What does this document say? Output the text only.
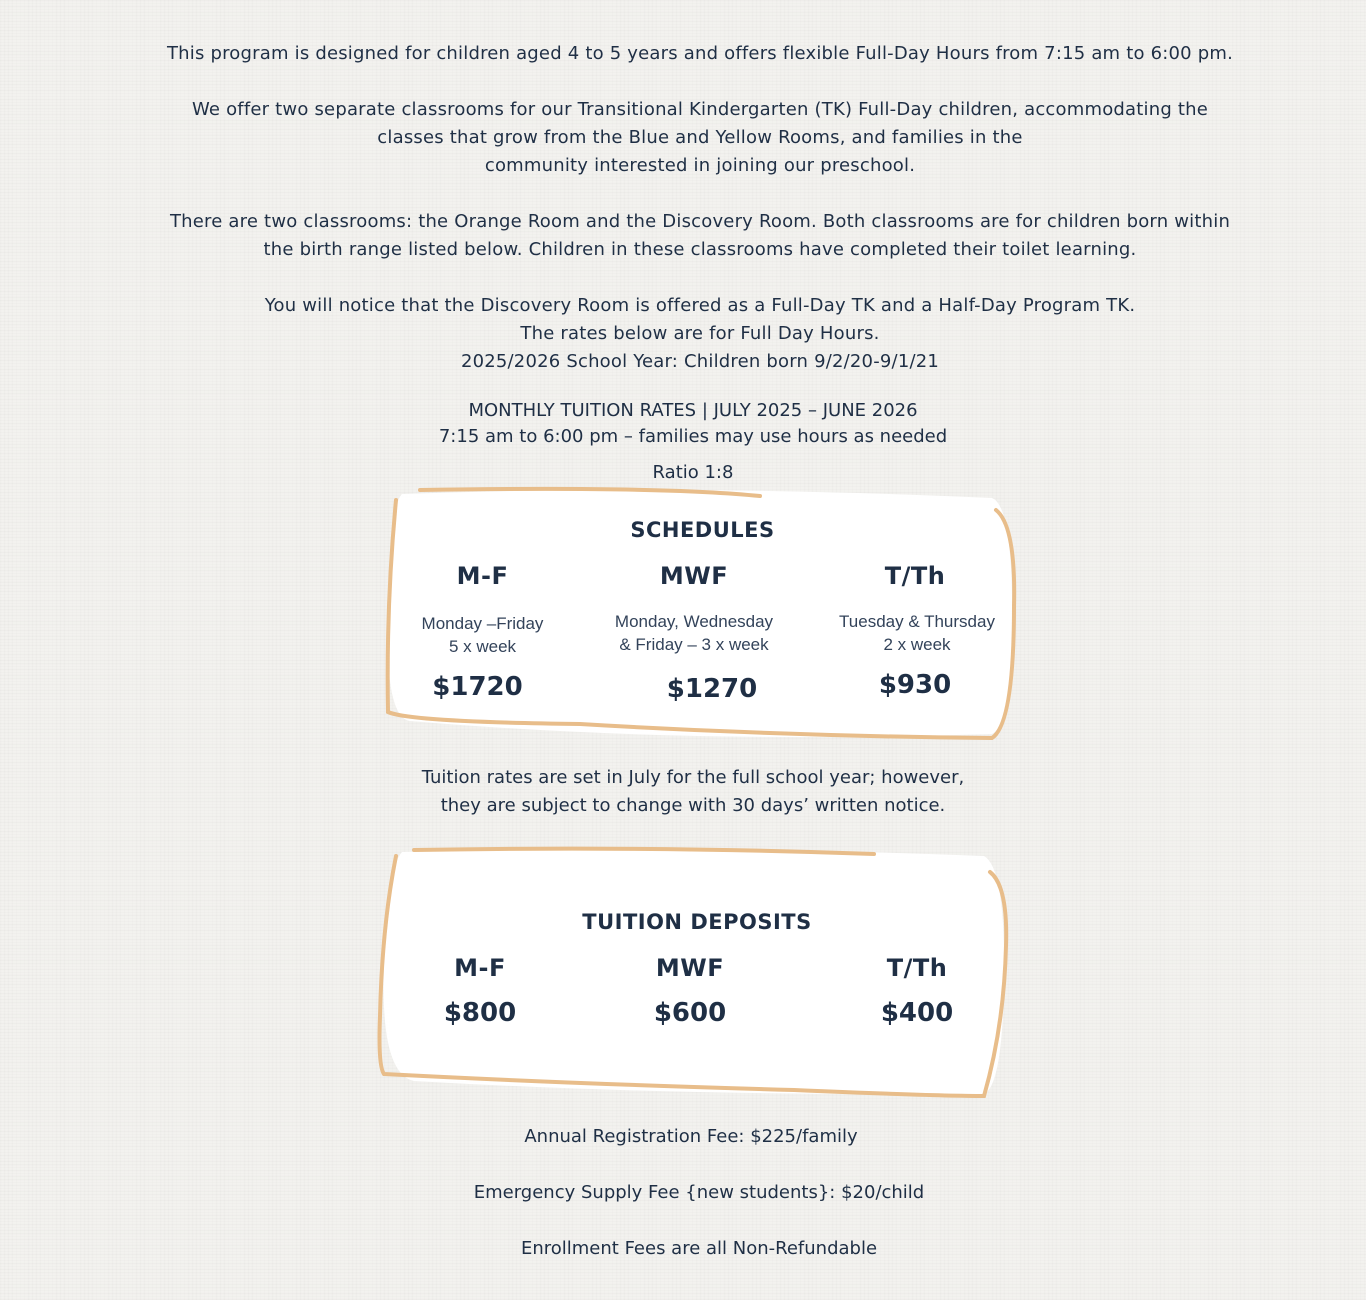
This program is designed for children aged 4 to 5 years and offers flexible Full-Day Hours from 7:15 am to 6:00 pm.

We offer two separate classrooms for our Transitional Kindergarten (TK) Full-Day children, accommodating the
classes that grow from the Blue and Yellow Rooms, and families in the
community interested in joining our preschool.

There are two classrooms: the Orange Room and the Discovery Room. Both classrooms are for children born within
the birth range listed below. Children in these classrooms have completed their toilet learning.

You will notice that the Discovery Room is offered as a Full-Day TK and a Half-Day Program TK.
The rates below are for Full Day Hours.
2025/2026 School Year: Children born 9/2/20-9/1/21

MONTHLY TUITION RATES | JULY 2025 – JUNE 2026
7:15 am to 6:00 pm – families may use hours as needed
Ratio 1:8
SCHEDULES
M-F
Monday –Friday
5 x week
$1720
MWF
Monday, Wednesday
& Friday – 3 x week
$1270
T/Th
Tuesday & Thursday
2 x week
$930
Tuition rates are set in July for the full school year; however,
they are subject to change with 30 days’ written notice.
TUITION DEPOSITS
M-F
$800
MWF
$600
T/Th
$400
Annual Registration Fee: $225/family
Emergency Supply Fee {new students}: $20/child
Enrollment Fees are all Non-Refundable
